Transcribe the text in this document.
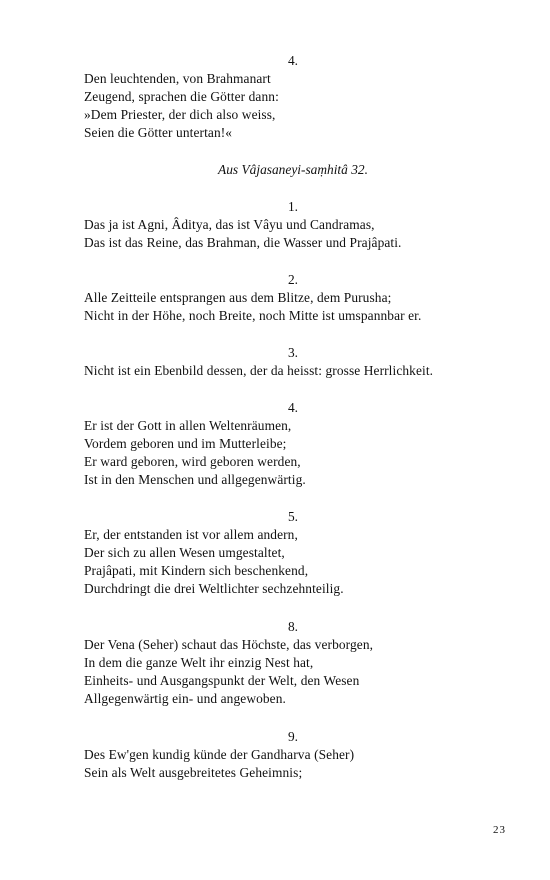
4.
Den leuchtenden, von Brahmanart
Zeugend, sprachen die Götter dann:
»Dem Priester, der dich also weiss,
Seien die Götter untertan!«
Aus Vâjasaneyi-saṃhitâ 32.
1.
Das ja ist Agni, Âditya, das ist Vâyu und Candramas,
Das ist das Reine, das Brahman, die Wasser und Prajâpati.
2.
Alle Zeitteile entsprangen aus dem Blitze, dem Purusha;
Nicht in der Höhe, noch Breite, noch Mitte ist umspannbar er.
3.
Nicht ist ein Ebenbild dessen, der da heisst: grosse Herrlichkeit.
4.
Er ist der Gott in allen Weltenräumen,
Vordem geboren und im Mutterleibe;
Er ward geboren, wird geboren werden,
Ist in den Menschen und allgegenwärtig.
5.
Er, der entstanden ist vor allem andern,
Der sich zu allen Wesen umgestaltet,
Prajâpati, mit Kindern sich beschenkend,
Durchdringt die drei Weltlichter sechzehnteilig.
8.
Der Vena (Seher) schaut das Höchste, das verborgen,
In dem die ganze Welt ihr einzig Nest hat,
Einheits- und Ausgangspunkt der Welt, den Wesen
Allgegenwärtig ein- und angewoben.
9.
Des Ew'gen kundig künde der Gandharva (Seher)
Sein als Welt ausgebreitetes Geheimnis;
23
